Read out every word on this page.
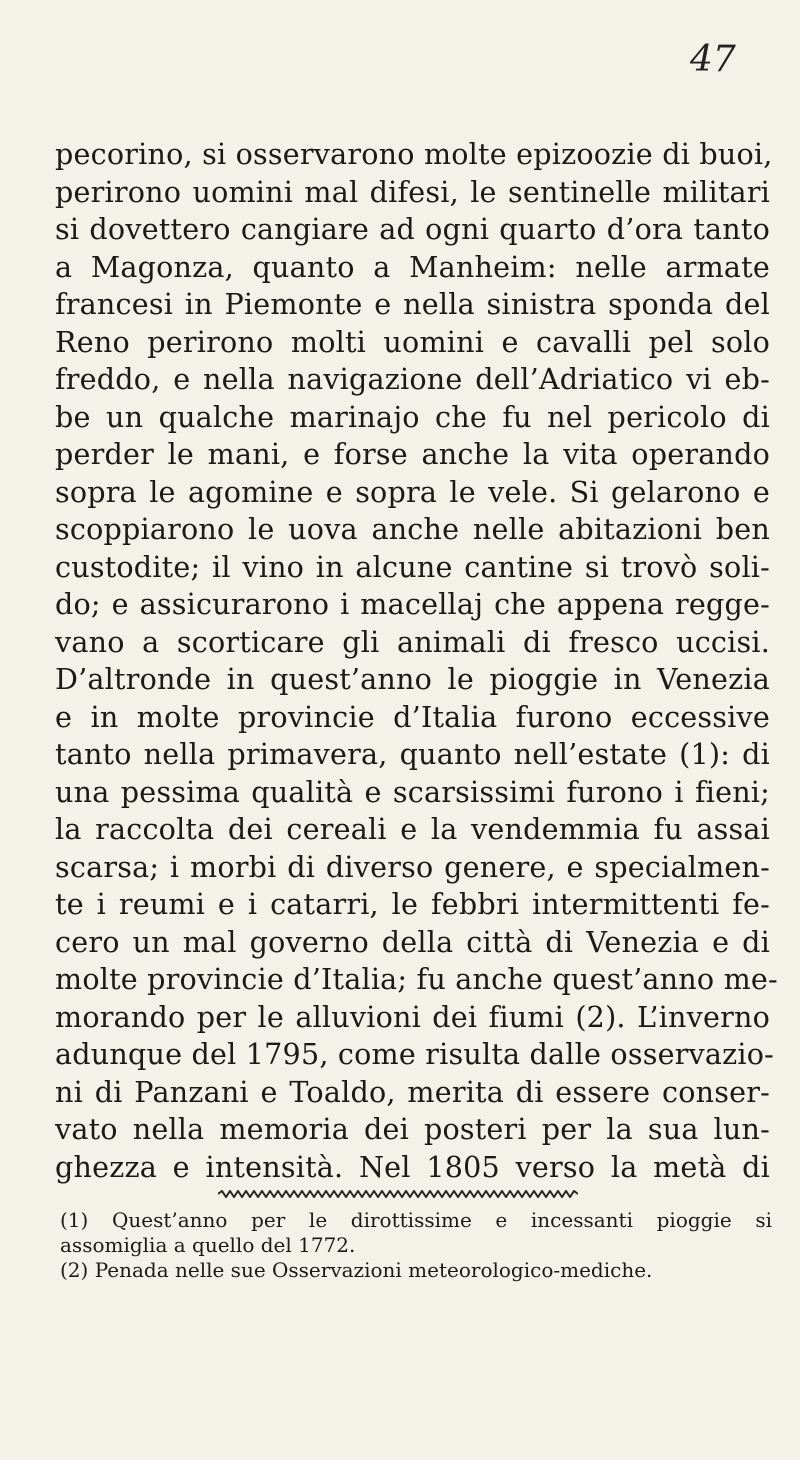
47
pecorino, si osservarono molte epizoozie di buoi,
perirono uomini mal difesi, le sentinelle militari
si dovettero cangiare ad ogni quarto d’ora tanto
a Magonza, quanto a Manheim: nelle armate
francesi in Piemonte e nella sinistra sponda del
Reno perirono molti uomini e cavalli pel solo
freddo, e nella navigazione dell’Adriatico vi eb-
be un qualche marinajo che fu nel pericolo di
perder le mani, e forse anche la vita operando
sopra le agomine e sopra le vele. Si gelarono e
scoppiarono le uova anche nelle abitazioni ben
custodite; il vino in alcune cantine si trovò soli-
do; e assicurarono i macellaj che appena regge-
vano a scorticare gli animali di fresco uccisi.
D’altronde in quest’anno le pioggie in Venezia
e in molte provincie d’Italia furono eccessive
tanto nella primavera, quanto nell’estate (1): di
una pessima qualità e scarsissimi furono i fieni;
la raccolta dei cereali e la vendemmia fu assai
scarsa; i morbi di diverso genere, e specialmen-
te i reumi e i catarri, le febbri intermittenti fe-
cero un mal governo della città di Venezia e di
molte provincie d’Italia; fu anche quest’anno me-
morando per le alluvioni dei fiumi (2). L’inverno
adunque del 1795, come risulta dalle osservazio-
ni di Panzani e Toaldo, merita di essere conser-
vato nella memoria dei posteri per la sua lun-
ghezza e intensità. Nel 1805 verso la metà di
(1) Quest’anno per le dirottissime e incessanti pioggie si
assomiglia a quello del 1772.
(2) Penada nelle sue Osservazioni meteorologico-mediche.
